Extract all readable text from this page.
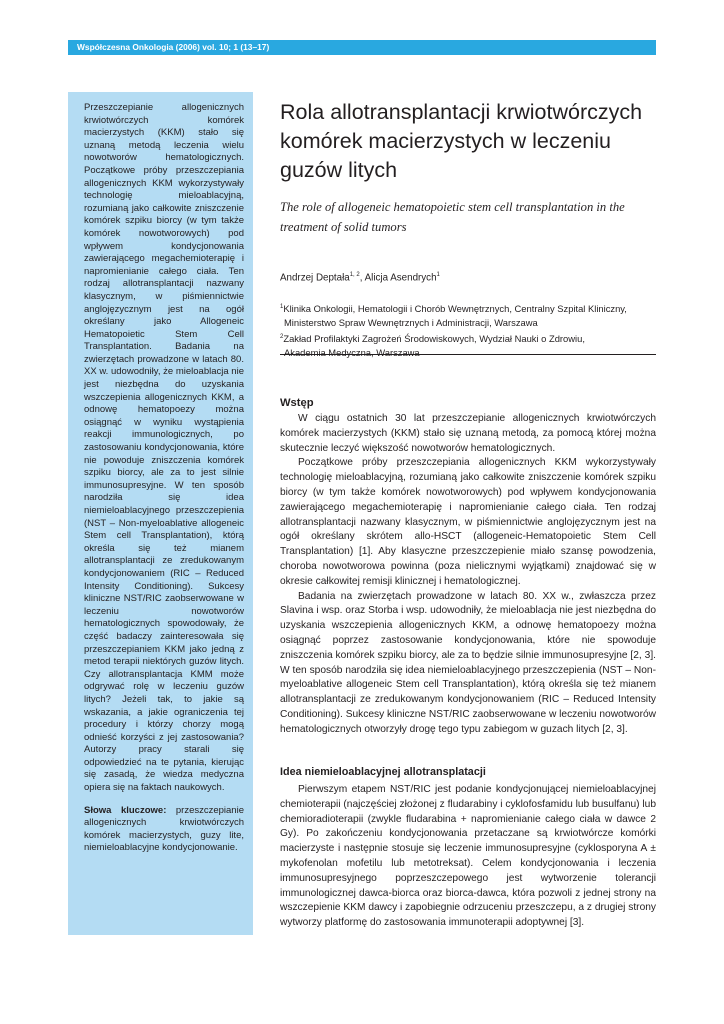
Współczesna Onkologia (2006) vol. 10; 1 (13–17)

Przeszczepianie allogenicznych krwiotwórczych komórek macierzystych (KKM) stało się uznaną metodą leczenia wielu nowotworów hematologicznych. Początkowe próby przeszczepiania allogenicznych KKM wykorzystywały technologię mieloablacyjną, rozumianą jako całkowite zniszczenie komórek szpiku biorcy (w tym także komórek nowotworowych) pod wpływem kondycjonowania zawierającego megachemioterapię i napromienianie całego ciała. Ten rodzaj allotransplantacji nazwany klasycznym, w piśmiennictwie anglojęzycznym jest na ogół określany jako Allogeneic Hematopoietic Stem Cell Transplantation. Badania na zwierzętach prowadzone w latach 80. XX w. udowodniły, że mieloablacja nie jest niezbędna do uzyskania wszczepienia allogenicznych KKM, a odnowę hematopoezy można osiągnąć w wyniku wystąpienia reakcji immunologicznych, po zastosowaniu kondycjonowania, które nie powoduje zniszczenia komórek szpiku biorcy, ale za to jest silnie immunosupresyjne. W ten sposób narodziła się idea niemieloablacyjnego przeszczepienia (NST – Non-myeloablative allogeneic Stem cell Transplantation), którą określa się też mianem allotransplantacji ze zredukowanym kondycjonowaniem (RIC – Reduced Intensity Conditioning). Sukcesy kliniczne NST/RIC zaobserwowane w leczeniu nowotworów hematologicznych spowodowały, że część badaczy zainteresowała się przeszczepianiem KKM jako jedną z metod terapii niektórych guzów litych. Czy allotransplantacja KMM może odgrywać rolę w leczeniu guzów litych? Jeżeli tak, to jakie są wskazania, a jakie ograniczenia tej procedury i którzy chorzy mogą odnieść korzyści z jej zastosowania? Autorzy pracy starali się odpowiedzieć na te pytania, kierując się zasadą, że wiedza medyczna opiera się na faktach naukowych.

Słowa kluczowe: przeszczepianie allogenicznych krwiotwórczych komórek macierzystych, guzy lite, niemieloablacyjne kondycjonowanie.

Rola allotransplantacji krwiotwórczych komórek macierzystych w leczeniu guzów litych

The role of allogeneic hematopoietic stem cell transplantation in the treatment of solid tumors

Andrzej Deptała$^{1, 2}$, Alicja Asendrych$^1$

$^1$Klinika Onkologii, Hematologii i Chorób Wewnętrznych, Centralny Szpital Kliniczny,
Ministerstwo Spraw Wewnętrznych i Administracji, Warszawa
$^2$Zakład Profilaktyki Zagrożeń Środowiskowych, Wydział Nauki o Zdrowiu,
Akademia Medyczna, Warszawa
Wstęp

W ciągu ostatnich 30 lat przeszczepianie allogenicznych krwiotwórczych komórek macierzystych (KKM) stało się uznaną metodą, za pomocą której można skutecznie leczyć większość nowotworów hematologicznych.

Początkowe próby przeszczepiania allogenicznych KKM wykorzystywały technologię mieloablacyjną, rozumianą jako całkowite zniszczenie komórek szpiku biorcy (w tym także komórek nowotworowych) pod wpływem kondycjonowania zawierającego megachemioterapię i napromienianie całego ciała. Ten rodzaj allotransplantacji nazwany klasycznym, w piśmiennictwie anglojęzycznym jest na ogół określany skrótem allo-HSCT (allogeneic-Hematopoietic Stem Cell Transplantation) [1]. Aby klasyczne przeszczepienie miało szansę powodzenia, choroba nowotworowa powinna (poza nielicznymi wyjątkami) znajdować się w okresie całkowitej remisji klinicznej i hematologicznej.

Badania na zwierzętach prowadzone w latach 80. XX w., zwłaszcza przez Slavina i wsp. oraz Storba i wsp. udowodniły, że mieloablacja nie jest niezbędna do uzyskania wszczepienia allogenicznych KKM, a odnowę hematopoezy można osiągnąć poprzez zastosowanie kondycjonowania, które nie spowoduje zniszczenia komórek szpiku biorcy, ale za to będzie silnie immunosupresyjne [2, 3]. W ten sposób narodziła się idea niemieloablacyjnego przeszczepienia (NST – Non-myeloablative allogeneic Stem cell Transplantation), którą określa się też mianem allotransplantacji ze zredukowanym kondycjonowaniem (RIC – Reduced Intensity Conditioning). Sukcesy kliniczne NST/RIC zaobserwowane w leczeniu nowotworów hematologicznych otworzyły drogę tego typu zabiegom w guzach litych [2, 3].

Idea niemieloablacyjnej allotransplatacji

Pierwszym etapem NST/RIC jest podanie kondycjonującej niemieloablacyjnej chemioterapii (najczęściej złożonej z fludarabiny i cyklofosfamidu lub busulfanu) lub chemioradioterapii (zwykle fludarabina + napromienianie całego ciała w dawce 2 Gy). Po zakończeniu kondycjonowania przetaczane są krwiotwórcze komórki macierzyste i następnie stosuje się leczenie immunosupresyjne (cyklosporyna A ± mykofenolan mofetilu lub metotreksat). Celem kondycjonowania i leczenia immunosupresyjnego poprzeszczepowego jest wytworzenie tolerancji immunologicznej dawca-biorca oraz biorca-dawca, która pozwoli z jednej strony na wszczepienie KKM dawcy i zapobiegnie odrzuceniu przeszczepu, a z drugiej strony wytworzy platformę do zastosowania immunoterapii adoptywnej [3].
